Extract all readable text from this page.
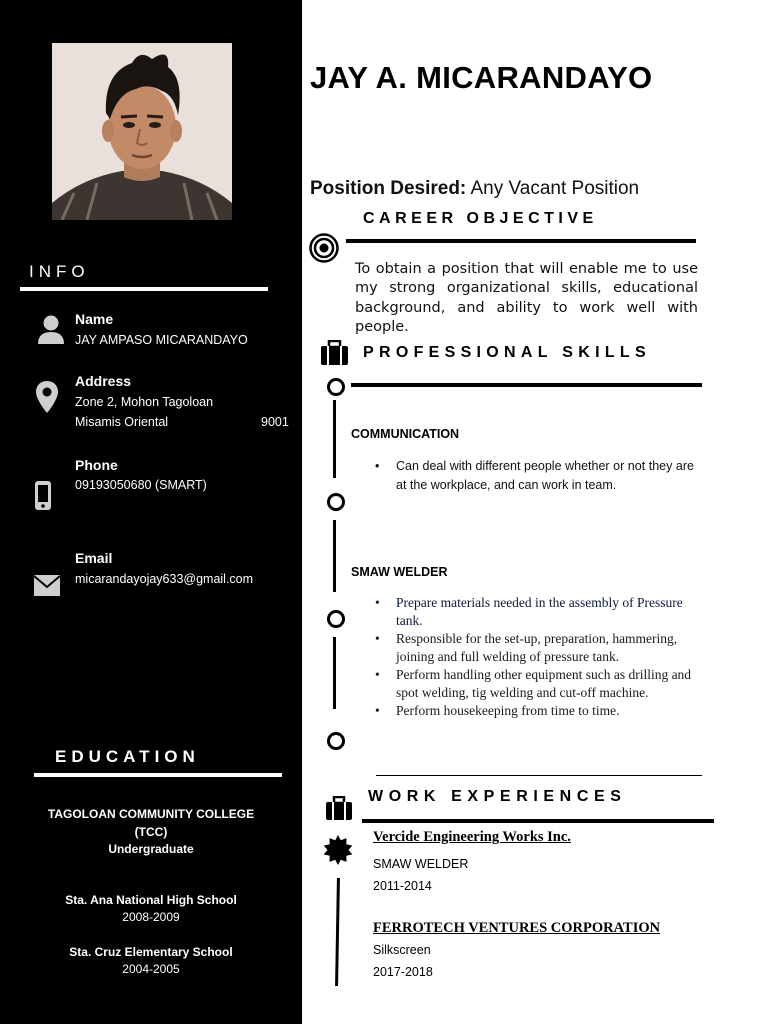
INFO
Name
JAY AMPASO MICARANDAYO
Address
Zone 2, Mohon Tagoloan
Misamis Oriental	9001
Phone
09193050680 (SMART)
Email
micarandayojay633@gmail.com
EDUCATION
TAGOLOAN COMMUNITY COLLEGE
(TCC)
Undergraduate
Sta. Ana National High School
2008-2009
Sta. Cruz Elementary School
2004-2005
JAY A. MICARANDAYO
Position Desired: Any Vacant Position
CAREER OBJECTIVE
To obtain a position that will enable me to use my strong organizational skills, educational background, and ability to work well with people.
PROFESSIONAL SKILLS
COMMUNICATION
• Can deal with different people whether or not they are at the workplace, and can work in team.
SMAW WELDER
• Prepare materials needed in the assembly of Pressure tank.
• Responsible for the set-up, preparation, hammering, joining and full welding of pressure tank.
• Perform handling other equipment such as drilling and spot welding, tig welding and cut-off machine.
• Perform housekeeping from time to time.
WORK EXPERIENCES
Vercide Engineering Works Inc.
SMAW WELDER
2011-2014
FERROTECH VENTURES CORPORATION
Silkscreen
2017-2018
